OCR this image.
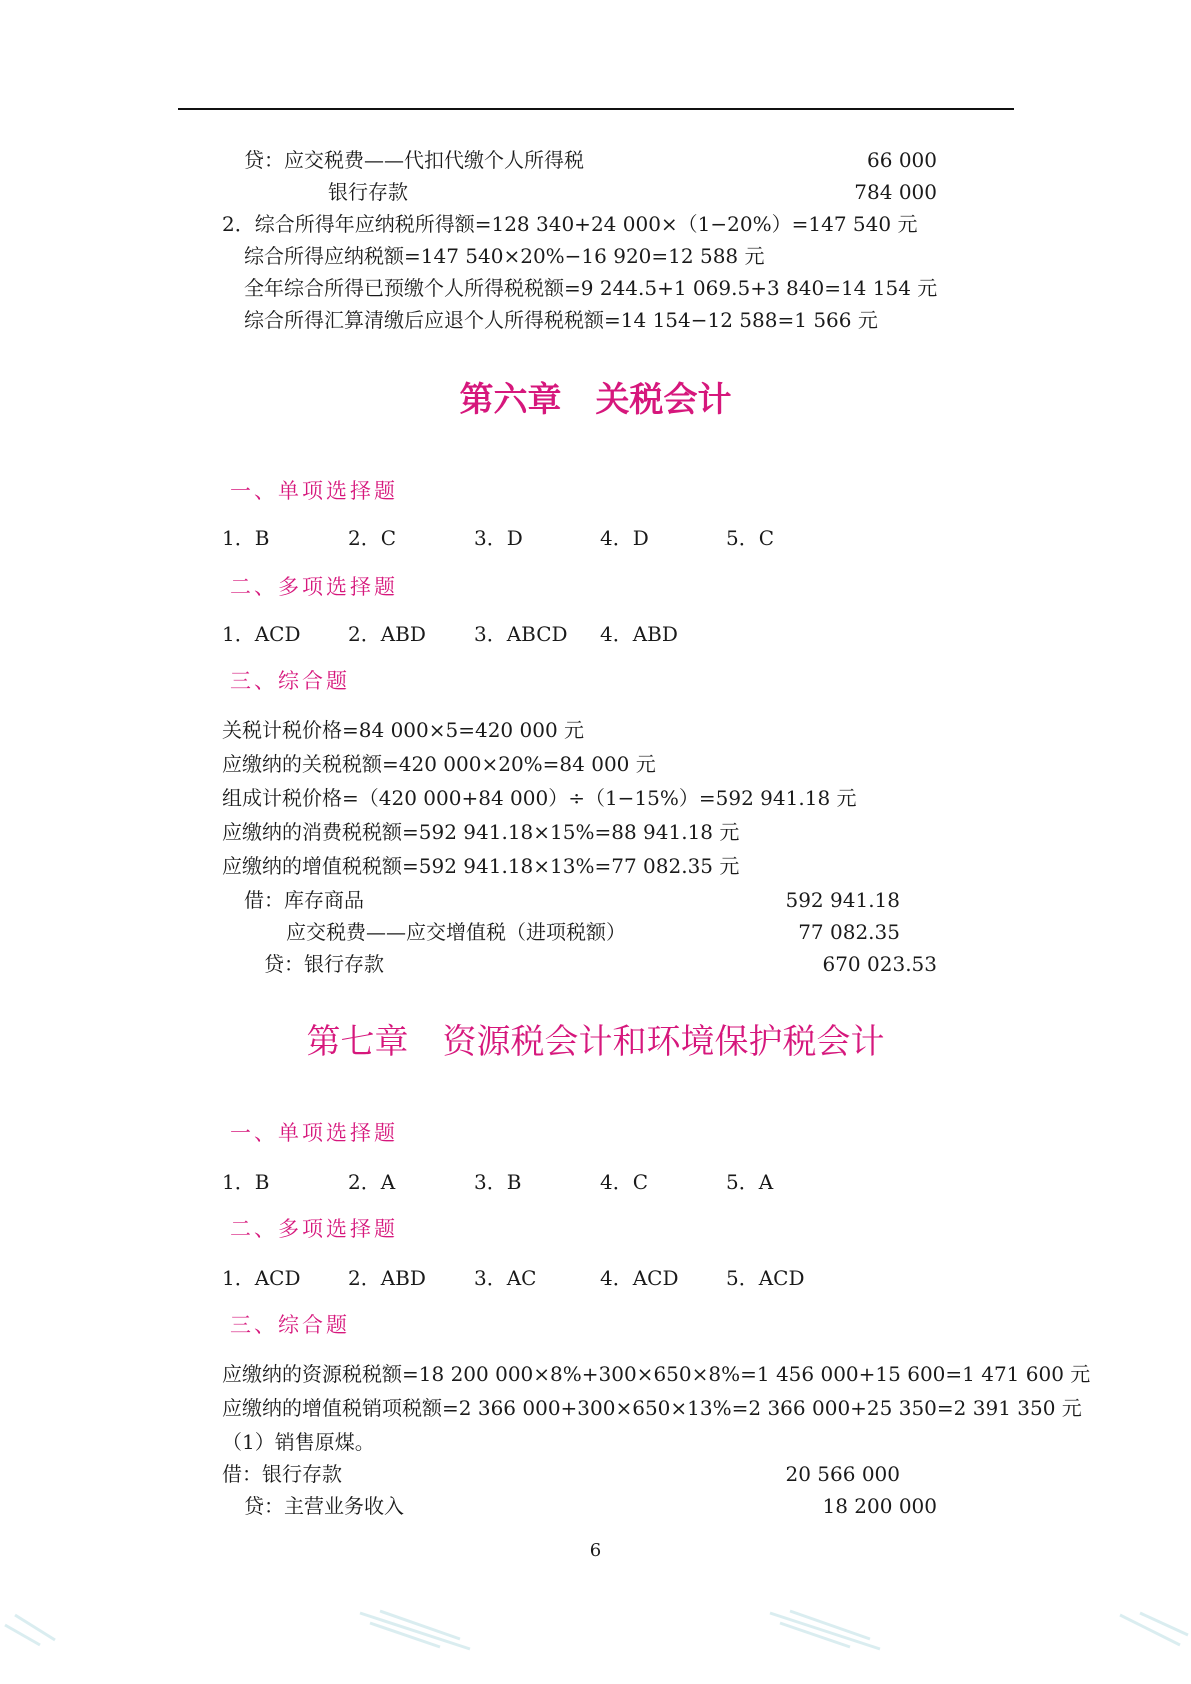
贷：应交税费——代扣代缴个人所得税	66 000
银行存款	784 000
2．综合所得年应纳税所得额=128 340+24 000×（1−20%）=147 540 元
综合所得应纳税额=147 540×20%−16 920=12 588 元
全年综合所得已预缴个人所得税税额=9 244.5+1 069.5+3 840=14 154 元
综合所得汇算清缴后应退个人所得税税额=14 154−12 588=1 566 元
第六章　关税会计
一、单项选择题
1．B	2．C	3．D	4．D	5．C
二、多项选择题
1．ACD 2．ABD 3．ABCD 4．ABD
三、综合题
关税计税价格=84 000×5=420 000 元
应缴纳的关税税额=420 000×20%=84 000 元
组成计税价格=（420 000+84 000）÷（1−15%）=592 941.18 元
应缴纳的消费税税额=592 941.18×15%=88 941.18 元
应缴纳的增值税税额=592 941.18×13%=77 082.35 元
借：库存商品	592 941.18
应交税费——应交增值税（进项税额）	77 082.35
贷：银行存款	670 023.53
第七章　资源税会计和环境保护税会计
一、单项选择题
1．B	2．A	3．B	4．C	5．A
二、多项选择题
1．ACD 2．ABD 3．AC	4．ACD 5．ACD
三、综合题
应缴纳的资源税税额=18 200 000×8%+300×650×8%=1 456 000+15 600=1 471 600 元
应缴纳的增值税销项税额=2 366 000+300×650×13%=2 366 000+25 350=2 391 350 元
（1）销售原煤。
借：银行存款	20 566 000
贷：主营业务收入	18 200 000
6
